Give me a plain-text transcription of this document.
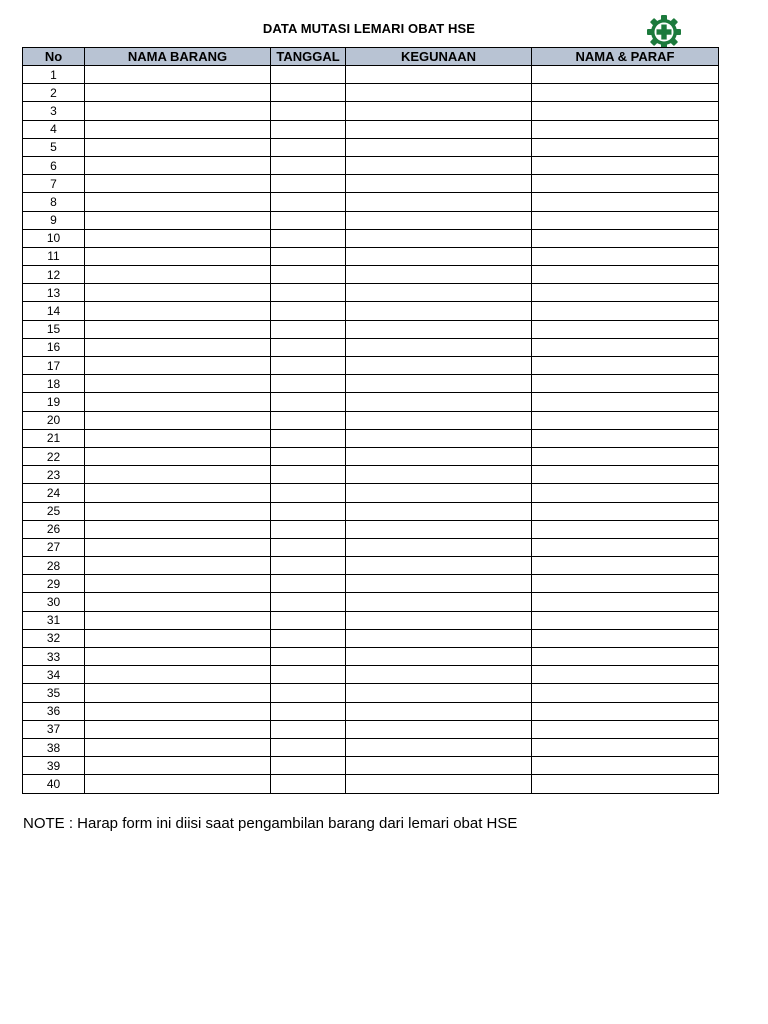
DATA MUTASI LEMARI OBAT HSE
No	NAMA BARANG	TANGGAL	KEGUNAAN	NAMA & PARAF
1				
2				
3				
4				
5				
6				
7				
8				
9				
10				
11				
12				
13				
14				
15				
16				
17				
18				
19				
20				
21				
22				
23				
24				
25				
26				
27				
28				
29				
30				
31				
32				
33				
34				
35				
36				
37				
38				
39				
40				
NOTE : Harap form ini diisi saat pengambilan barang dari lemari obat HSE
